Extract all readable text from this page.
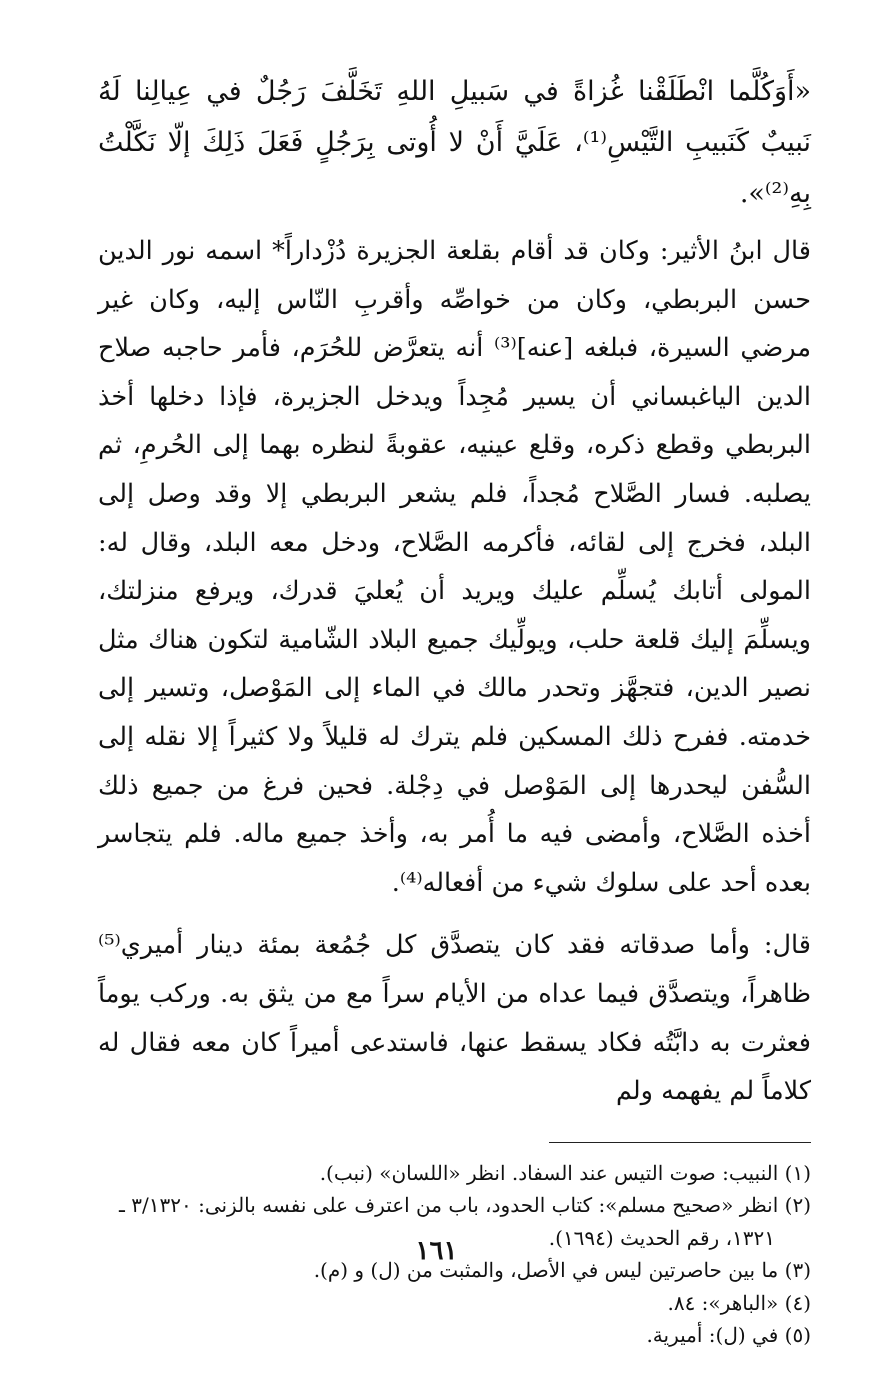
«أَوَكُلَّما انْطَلَقْنا غُزاةً في سَبيلِ اللهِ تَخَلَّفَ رَجُلٌ في عِيالِنا لَهُ نَبيبٌ كَنَبيبِ التَّيْسِ⁽¹⁾، عَلَيَّ أَنْ لا أُوتى بِرَجُلٍ فَعَلَ ذَلِكَ إلّا نَكَّلْتُ بِهِ⁽²⁾».

قال ابنُ الأثير: وكان قد أقام بقلعة الجزيرة دُزْداراً* اسمه نور الدين حسن البربطي، وكان من خواصِّه وأقربِ النّاس إليه، وكان غير مرضي السيرة، فبلغه [عنه]⁽³⁾ أنه يتعرَّض للحُرَم، فأمر حاجبه صلاح الدين الياغبساني أن يسير مُجِداً ويدخل الجزيرة، فإذا دخلها أخذ البربطي وقطع ذكره، وقلع عينيه، عقوبةً لنظره بهما إلى الحُرمِ، ثم يصلبه. فسار الصَّلاح مُجداً، فلم يشعر البربطي إلا وقد وصل إلى البلد، فخرج إلى لقائه، فأكرمه الصَّلاح، ودخل معه البلد، وقال له: المولى أتابك يُسلِّم عليك ويريد أن يُعليَ قدرك، ويرفع منزلتك، ويسلِّمَ إليك قلعة حلب، ويولِّيك جميع البلاد الشّامية لتكون هناك مثل نصير الدين، فتجهَّز وتحدر مالك في الماء إلى المَوْصل، وتسير إلى خدمته. ففرح ذلك المسكين فلم يترك له قليلاً ولا كثيراً إلا نقله إلى السُّفن ليحدرها إلى المَوْصل في دِجْلة. فحين فرغ من جميع ذلك أخذه الصَّلاح، وأمضى فيه ما أُمر به، وأخذ جميع ماله. فلم يتجاسر بعده أحد على سلوك شيء من أفعاله⁽⁴⁾.

قال: وأما صدقاته فقد كان يتصدَّق كل جُمُعة بمئة دينار أميري⁽⁵⁾ ظاهراً، ويتصدَّق فيما عداه من الأيام سراً مع من يثق به. وركب يوماً فعثرت به دابَّتُه فكاد يسقط عنها، فاستدعى أميراً كان معه فقال له كلاماً لم يفهمه ولم

(١) النبيب: صوت التيس عند السفاد. انظر «اللسان» (نبب).

(٢) انظر «صحيح مسلم»: كتاب الحدود، باب من اعترف على نفسه بالزنى: ٣/١٣٢٠ ـ

١٣٢١، رقم الحديث (١٦٩٤).

(٣) ما بين حاصرتين ليس في الأصل، والمثبت من (ل) و (م).

(٤) «الباهر»: ٨٤.

(٥) في (ل): أميرية.

١٦١
